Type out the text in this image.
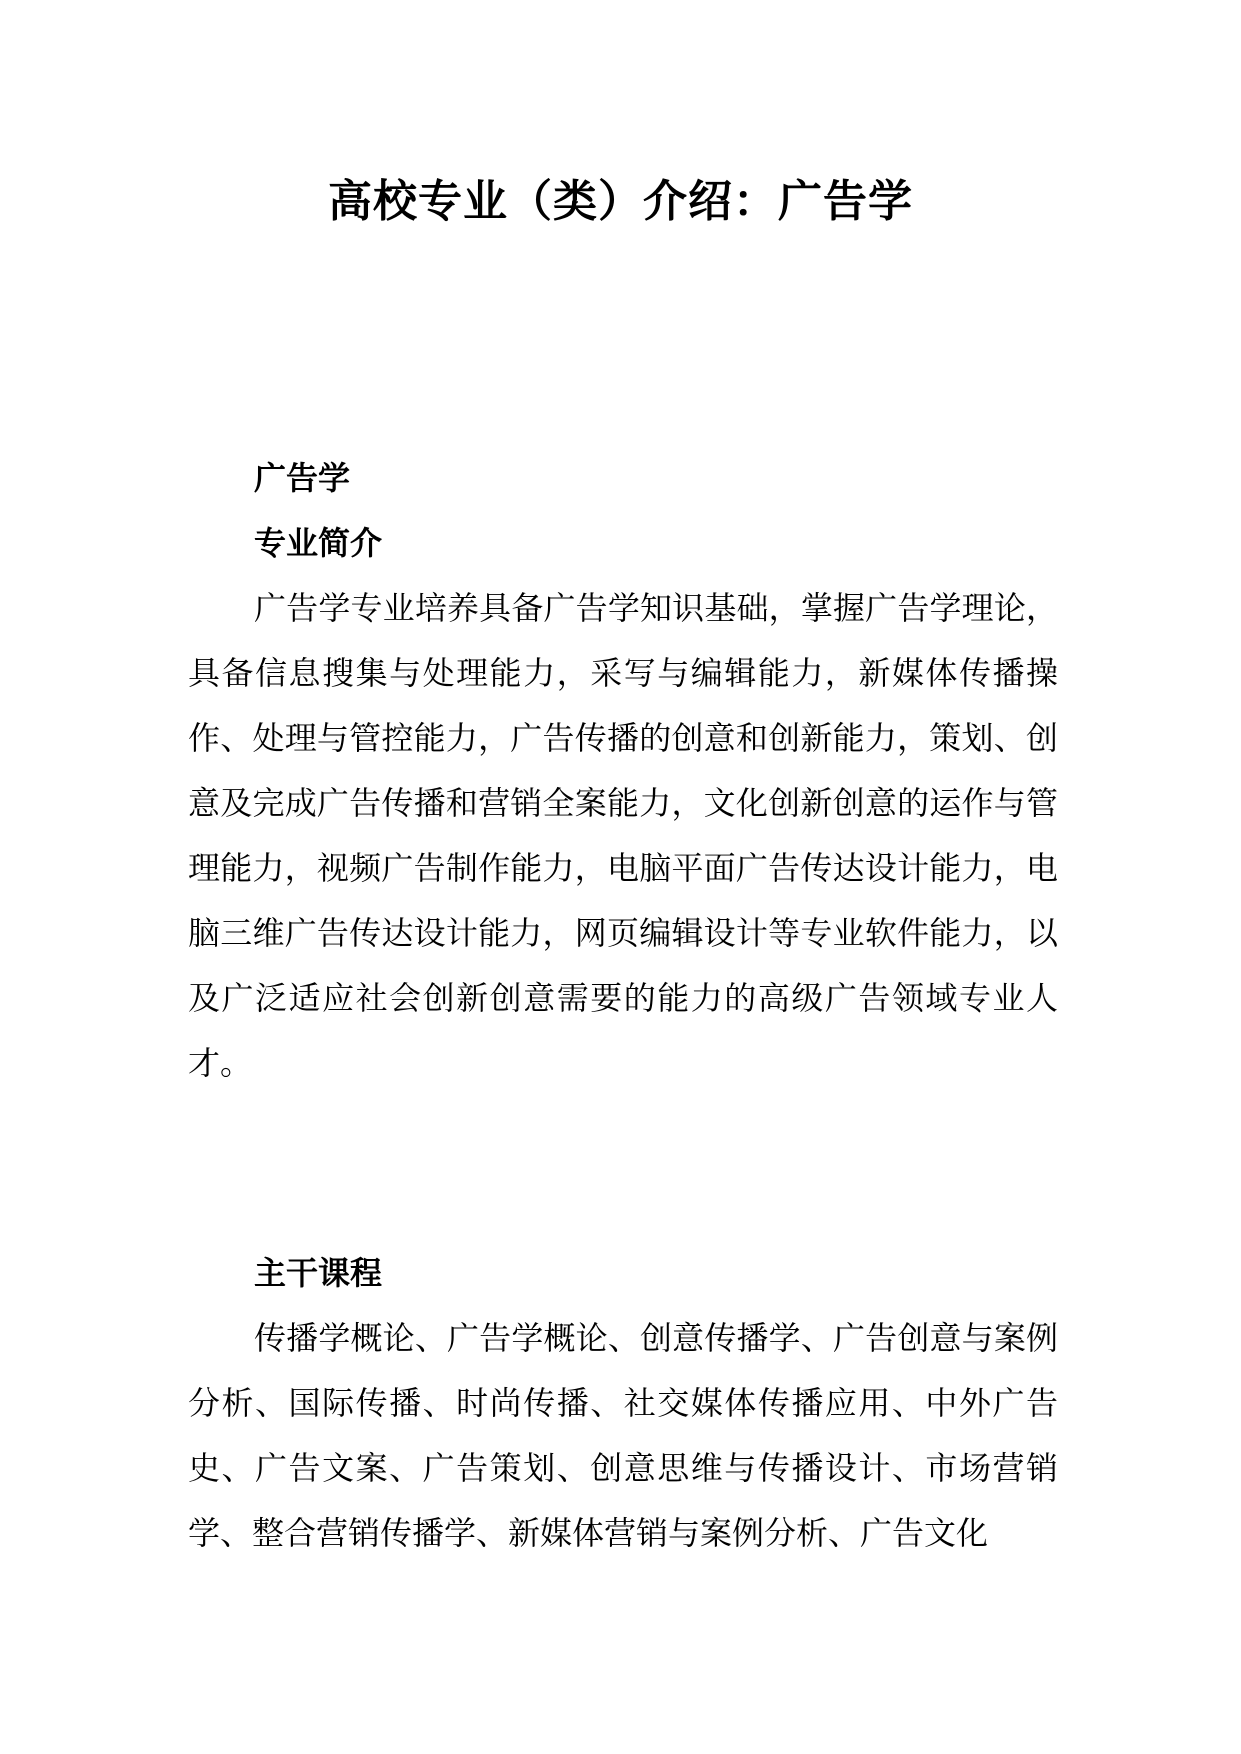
高校专业（类）介绍：广告学

广告学

专业简介

广告学专业培养具备广告学知识基础，掌握广告学理论，具备信息搜集与处理能力，采写与编辑能力，新媒体传播操作、处理与管控能力，广告传播的创意和创新能力，策划、创意及完成广告传播和营销全案能力，文化创新创意的运作与管理能力，视频广告制作能力，电脑平面广告传达设计能力，电脑三维广告传达设计能力，网页编辑设计等专业软件能力，以及广泛适应社会创新创意需要的能力的高级广告领域专业人才。

主干课程

传播学概论、广告学概论、创意传播学、广告创意与案例分析、国际传播、时尚传播、社交媒体传播应用、中外广告史、广告文案、广告策划、创意思维与传播设计、市场营销学、整合营销传播学、新媒体营销与案例分析、广告文化
